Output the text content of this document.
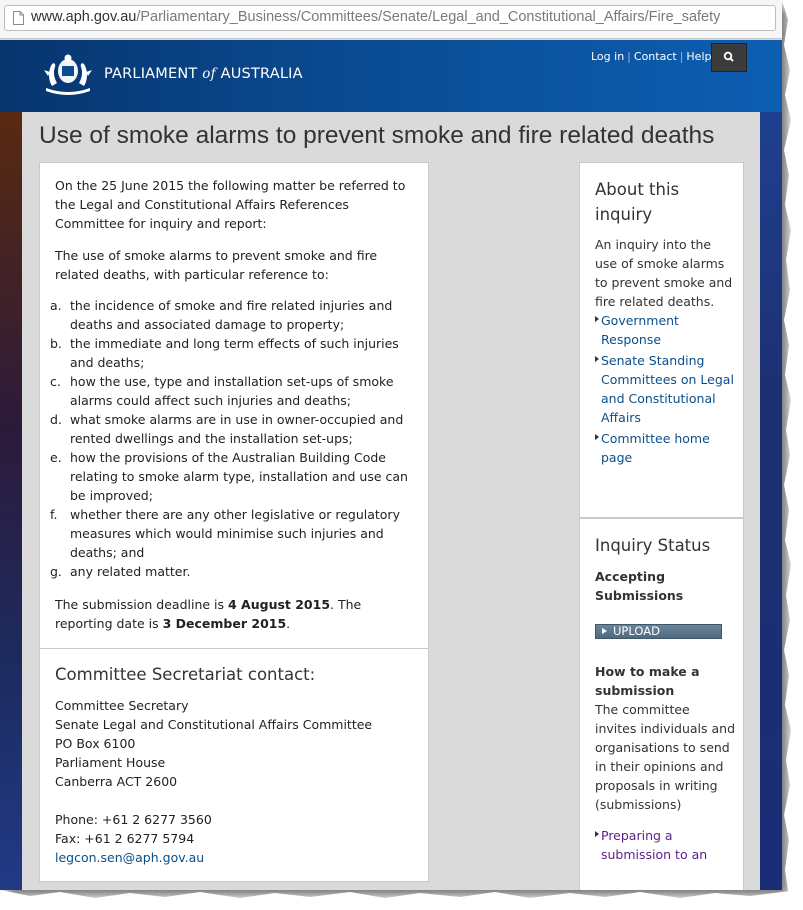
www.aph.gov.au/Parliamentary_Business/Committees/Senate/Legal_and_Constitutional_Affairs/Fire_safety
PARLIAMENT of AUSTRALIA
Log in | Contact | Help
Use of smoke alarms to prevent smoke and fire related deaths
On the 25 June 2015 the following matter be referred to the Legal and Constitutional Affairs References Committee for inquiry and report:
The use of smoke alarms to prevent smoke and fire related deaths, with particular reference to:
a. the incidence of smoke and fire related injuries and deaths and associated damage to property;
b. the immediate and long term effects of such injuries and deaths;
c. how the use, type and installation set-ups of smoke alarms could affect such injuries and deaths;
d. what smoke alarms are in use in owner-occupied and rented dwellings and the installation set-ups;
e. how the provisions of the Australian Building Code relating to smoke alarm type, installation and use can be improved;
f. whether there are any other legislative or regulatory measures which would minimise such injuries and deaths; and
g. any related matter.
The submission deadline is 4 August 2015. The reporting date is 3 December 2015.
Committee Secretariat contact:
Committee Secretary
Senate Legal and Constitutional Affairs Committee
PO Box 6100
Parliament House
Canberra ACT 2600
Phone: +61 2 6277 3560
Fax: +61 2 6277 5794
legcon.sen@aph.gov.au
About this inquiry
An inquiry into the use of smoke alarms to prevent smoke and fire related deaths.
Government Response
Senate Standing Committees on Legal and Constitutional Affairs
Committee home page
Inquiry Status
Accepting Submissions
UPLOAD
How to make a submission
The committee invites individuals and organisations to send in their opinions and proposals in writing (submissions)
Preparing a submission to an
